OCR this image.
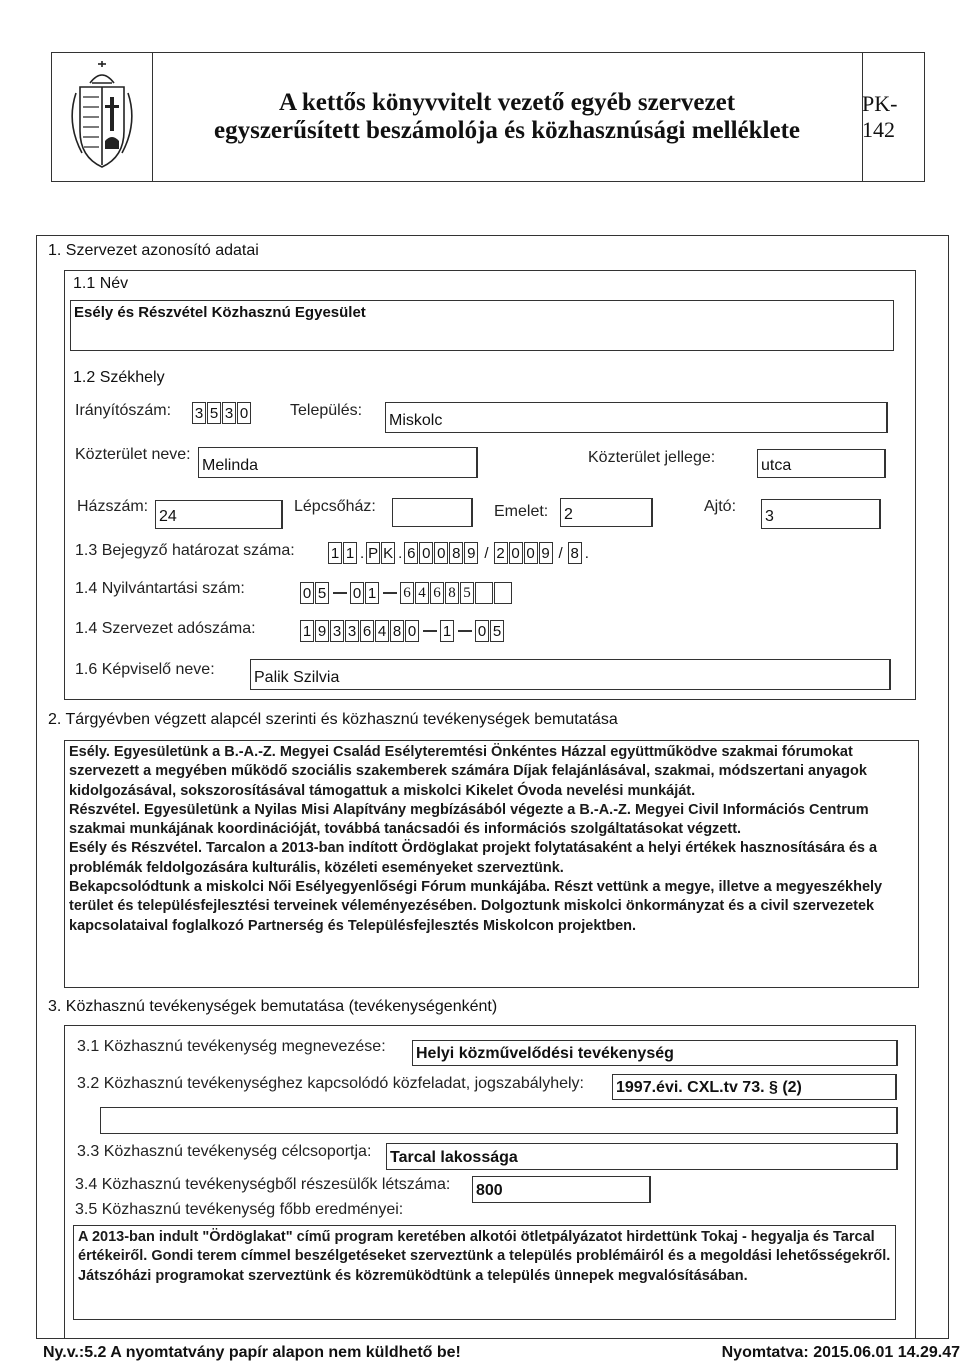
A kettős könyvvitelt vezető egyéb szervezet
egyszerűsített beszámolója és közhasznúsági melléklete
PK-142
1. Szervezet azonosító adatai
1.1 Név
Esély és Részvétel Közhasznú Egyesület
1.2 Székhely
Irányítószám: 3 5 3 0	Település:
Miskolc
Közterület neve:
Melinda	Közterület jellege:	utca
Házszám:
24
Lépcsőház:	Emelet: 2	Ajtó:
3
1.3 Bejegyző határozat száma: 1 1 . P K . 6 0 0 8 9 / 2 0 0 9 / 8 .
1.4 Nyilvántartási szám:	0 5 0 1 6 4 6 8 5
1.4 Szervezet adószáma:	1 9 3 3 6 4 8 0 1 0 5
1.6 Képviselő neve: Palik Szilvia
2. Tárgyévben végzett alapcél szerinti és közhasznú tevékenységek bemutatása
Esély. Egyesületünk a B.-A.-Z. Megyei Család Esélyteremtési Önkéntes Házzal együttműködve szakmai fórumokat szervezett a megyében működő szociális szakemberek számára Díjak felajánlásával, szakmai, módszertani anyagok kidolgozásával, sokszorosításával támogattuk a miskolci Kikelet Óvoda nevelési munkáját.
Részvétel. Egyesületünk a Nyilas Misi Alapítvány megbízásából végezte a B.-A.-Z. Megyei Civil Információs Centrum szakmai munkájának koordinációját, továbbá tanácsadói és információs szolgáltatásokat végzett.
Esély és Részvétel. Tarcalon a 2013-ban indított Ördöglakat projekt folytatásaként a helyi értékek hasznosítására és a problémák feldolgozására kulturális, közéleti eseményeket szerveztünk.
Bekapcsolódtunk a miskolci Női Esélyegyenlőségi Fórum munkájába. Részt vettünk a megye, illetve a megyeszékhely terület és településfejlesztési terveinek véleményezésében. Dolgoztunk miskolci önkormányzat és a civil szervezetek kapcsolataival foglalkozó Partnerség és Településfejlesztés Miskolcon projektben.
3. Közhasznú tevékenységek bemutatása (tevékenységenként)
3.1 Közhasznú tevékenység megnevezése: Helyi közművelődési tevékenység
3.2 Közhasznú tevékenységhez kapcsolódó közfeladat, jogszabályhely: 1997.évi. CXL.tv 73. § (2)
3.3 Közhasznú tevékenység célcsoportja: Tarcal lakossága
3.4 Közhasznú tevékenységből részesülők létszáma: 800
3.5 Közhasznú tevékenység főbb eredményei:
A 2013-ban indult "Ördöglakat" című program keretében alkotói ötletpályázatot hirdettünk Tokaj - hegyalja és Tarcal értékeiről. Gondi terem címmel beszélgetéseket szerveztünk a település problémáiról és a megoldási lehetősségekről. Játszóházi programokat szerveztünk és közremüködtünk a település ünnepek megvalósításában.
Ny.v.:5.2 A nyomtatvány papír alapon nem küldhető be!	Nyomtatva: 2015.06.01 14.29.47
